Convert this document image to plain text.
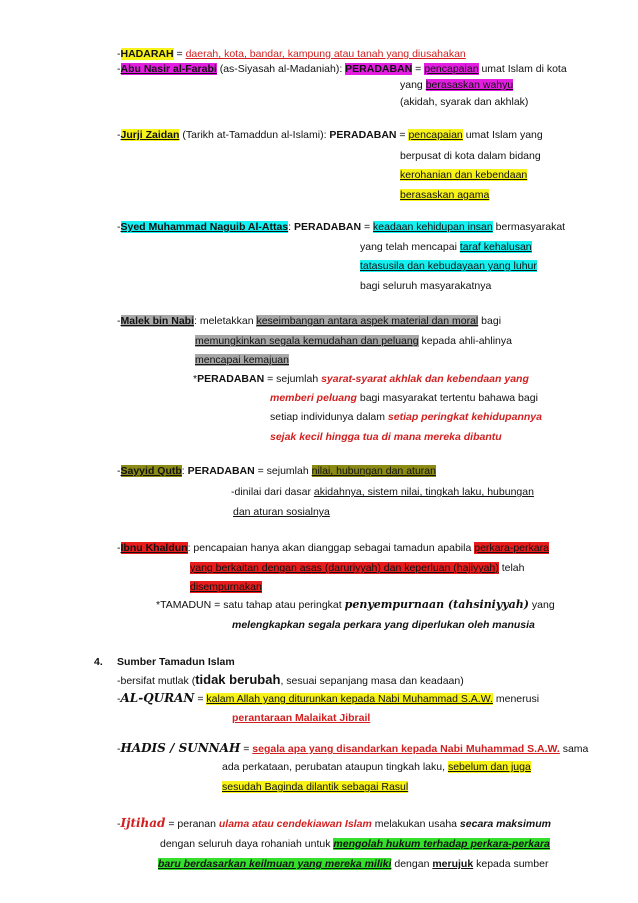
-HADARAH = daerah, kota, bandar, kampung atau tanah yang diusahakan
-Abu Nasir al-Farabi (as-Siyasah al-Madaniah): PERADABAN = pencapaian umat Islam di kota
yang berasaskan wahyu
(akidah, syarak dan akhlak)
-Jurji Zaidan (Tarikh at-Tamaddun al-Islami): PERADABAN = pencapaian umat Islam yang
berpusat di kota dalam bidang
kerohanian dan kebendaan
berasaskan agama
-Syed Muhammad Naguib Al-Attas: PERADABAN = keadaan kehidupan insan bermasyarakat
yang telah mencapai taraf kehalusan
tatasusila dan kebudayaan yang luhur
bagi seluruh masyarakatnya
-Malek bin Nabi: meletakkan keseimbangan antara aspek material dan moral bagi
memungkinkan segala kemudahan dan peluang kepada ahli-ahlinya
mencapai kemajuan
*PERADABAN = sejumlah syarat-syarat akhlak dan kebendaan yang
memberi peluang bagi masyarakat tertentu bahawa bagi
setiap individunya dalam setiap peringkat kehidupannya
sejak kecil hingga tua di mana mereka dibantu
-Sayyid Qutb: PERADABAN = sejumlah nilai, hubungan dan aturan
-dinilai dari dasar akidahnya, sistem nilai, tingkah laku, hubungan
dan aturan sosialnya
-Ibnu Khaldun: pencapaian hanya akan dianggap sebagai tamadun apabila perkara-perkara
yang berkaitan dengan asas (daruriyyah) dan keperluan (hajiyyah) telah
disempurnakan
*TAMADUN = satu tahap atau peringkat penyempurnaan (tahsiniyyah) yang
melengkapkan segala perkara yang diperlukan oleh manusia
4. Sumber Tamadun Islam
-bersifat mutlak (tidak berubah, sesuai sepanjang masa dan keadaan)
-AL-QURAN = kalam Allah yang diturunkan kepada Nabi Muhammad S.A.W. menerusi
perantaraan Malaikat Jibrail
-HADIS / SUNNAH = segala apa yang disandarkan kepada Nabi Muhammad S.A.W. sama
ada perkataan, perubatan ataupun tingkah laku, sebelum dan juga
sesudah Baginda dilantik sebagai Rasul
-Ijtihad = peranan ulama atau cendekiawan Islam melakukan usaha secara maksimum
dengan seluruh daya rohaniah untuk mengolah hukum terhadap perkara-perkara
baru berdasarkan keilmuan yang mereka miliki dengan merujuk kepada sumber
